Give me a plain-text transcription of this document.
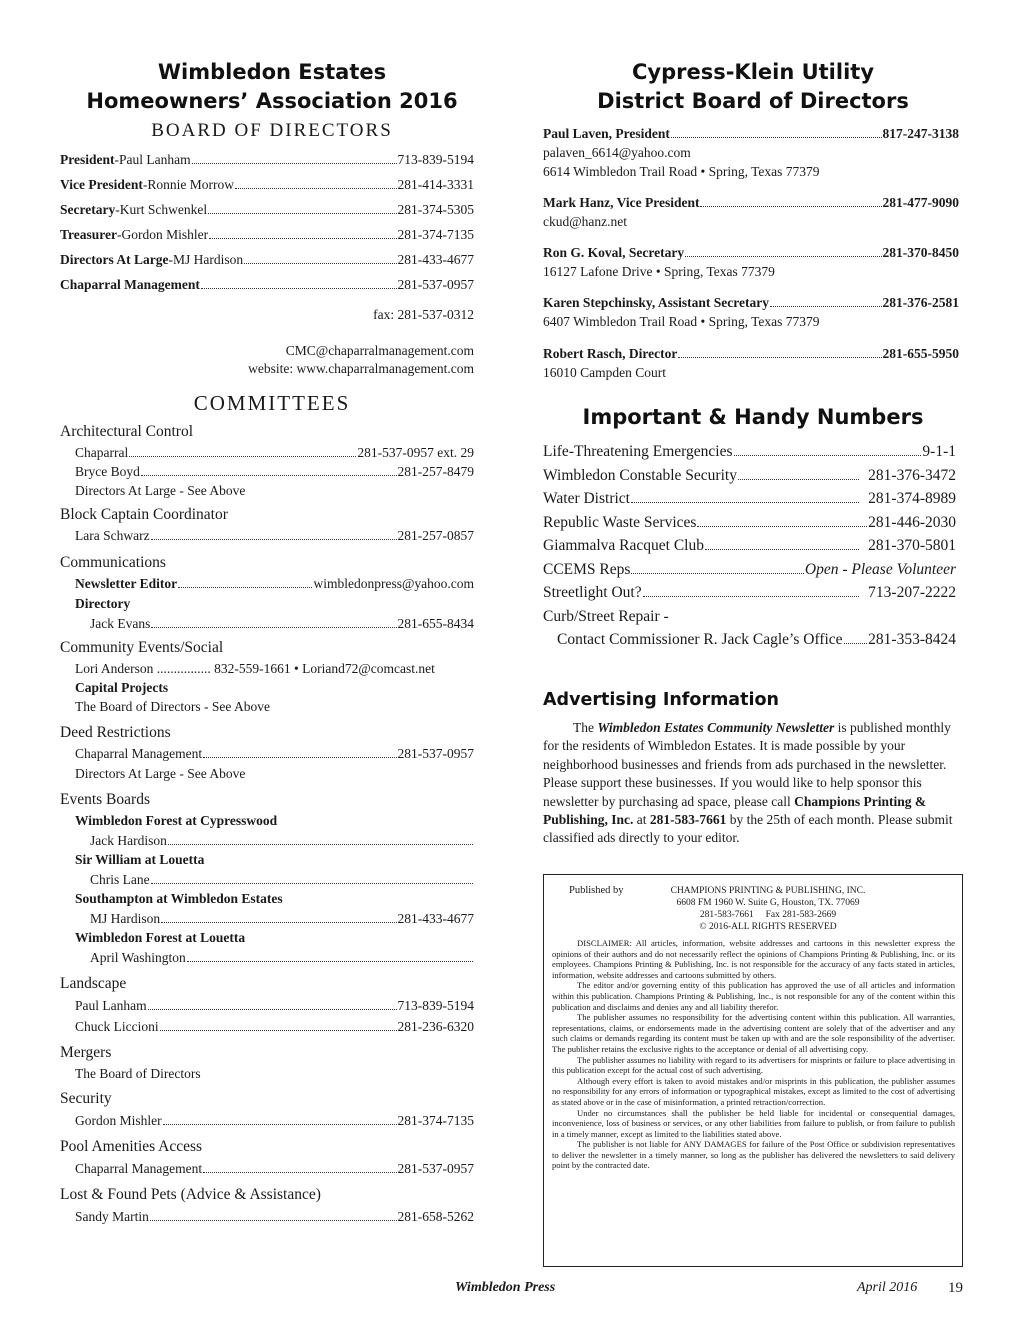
Wimbledon Estates
Homeowners’ Association 2016
BOARD OF DIRECTORS
President - Paul Lanham	713-839-5194
Vice President - Ronnie Morrow	281-414-3331
Secretary - Kurt Schwenkel	281-374-5305
Treasurer - Gordon Mishler	281-374-7135
Directors At Large - MJ Hardison	281-433-4677
Chaparral Management	281-537-0957
fax: 281-537-0312
CMC@chaparralmanagement.com
website: www.chaparralmanagement.com
COMMITTEES
Architectural Control
Chaparral	281-537-0957 ext. 29
Bryce Boyd	281-257-8479
Directors At Large - See Above
Block Captain Coordinator
Lara Schwarz	281-257-0857
Communications
Newsletter Editor	wimbledonpress@yahoo.com
Directory
Jack Evans	281-655-8434
Community Events/Social
Lori Anderson ................ 832-559-1661 • Loriand72@comcast.net
Capital Projects
The Board of Directors - See Above
Deed Restrictions
Chaparral Management	281-537-0957
Directors At Large - See Above
Events Boards
Wimbledon Forest at Cypresswood
Jack Hardison
Sir William at Louetta
Chris Lane
Southampton at Wimbledon Estates
MJ Hardison	281-433-4677
Wimbledon Forest at Louetta
April Washington
Landscape
Paul Lanham	713-839-5194
Chuck Liccioni	281-236-6320
Mergers
The Board of Directors
Security
Gordon Mishler	281-374-7135
Pool Amenities Access
Chaparral Management	281-537-0957
Lost & Found Pets (Advice & Assistance)
Sandy Martin	281-658-5262
Cypress-Klein Utility
District Board of Directors
Paul Laven, President	817-247-3138
palaven_6614@yahoo.com
6614 Wimbledon Trail Road • Spring, Texas 77379
Mark Hanz, Vice President	281-477-9090
ckud@hanz.net
Ron G. Koval, Secretary	281-370-8450
16127 Lafone Drive • Spring, Texas 77379
Karen Stepchinsky, Assistant Secretary	281-376-2581
6407 Wimbledon Trail Road • Spring, Texas 77379
Robert Rasch, Director	281-655-5950
16010 Campden Court
Important & Handy Numbers
Life-Threatening Emergencies	9-1-1
Wimbledon Constable Security	281-376-3472
Water District	281-374-8989
Republic Waste Services	281-446-2030
Giammalva Racquet Club	281-370-5801
CCEMS Reps	Open - Please Volunteer
Streetlight Out?	713-207-2222
Curb/Street Repair -
Contact Commissioner R. Jack Cagle’s Office 281-353-8424
Advertising Information
The Wimbledon Estates Community Newsletter is published monthly for the residents of Wimbledon Estates. It is made possible by your neighborhood businesses and friends from ads purchased in the newsletter. Please support these businesses. If you would like to help sponsor this newsletter by purchasing ad space, please call Champions Printing & Publishing, Inc. at 281-583-7661 by the 25th of each month. Please submit classified ads directly to your editor.
Published by	CHAMPIONS PRINTING & PUBLISHING, INC.
6608 FM 1960 W. Suite G, Houston, TX. 77069
281-583-7661     Fax 281-583-2669
© 2016-ALL RIGHTS RESERVED
DISCLAIMER: All articles, information, website addresses and cartoons in this newsletter express the opinions of their authors and do not necessarily reflect the opinions of Champions Printing & Publishing, Inc. or its employees. Champions Printing & Publishing, Inc. is not responsible for the accuracy of any facts stated in articles, information, website addresses and cartoons submitted by others.
The editor and/or governing entity of this publication has approved the use of all articles and information within this publication. Champions Printing & Publishing, Inc., is not responsible for any of the content within this publication and disclaims and denies any and all liability therefor.
The publisher assumes no responsibility for the advertising content within this publication. All warranties, representations, claims, or endorsements made in the advertising content are solely that of the advertiser and any such claims or demands regarding its content must be taken up with and are the sole responsibility of the advertiser. The publisher retains the exclusive rights to the acceptance or denial of all advertising copy.
The publisher assumes no liability with regard to its advertisers for misprints or failure to place advertising in this publication except for the actual cost of such advertising.
Although every effort is taken to avoid mistakes and/or misprints in this publication, the publisher assumes no responsibility for any errors of information or typographical mistakes, except as limited to the cost of advertising as stated above or in the case of misinformation, a printed retraction/correction.
Under no circumstances shall the publisher be held liable for incidental or consequential damages, inconvenience, loss of business or services, or any other liabilities from failure to publish, or from failure to publish in a timely manner, except as limited to the liabilities stated above.
The publisher is not liable for ANY DAMAGES for failure of the Post Office or subdivision representatives to deliver the newsletter in a timely manner, so long as the publisher has delivered the newsletters to said delivery point by the contracted date.
Wimbledon Press	April 2016 19
